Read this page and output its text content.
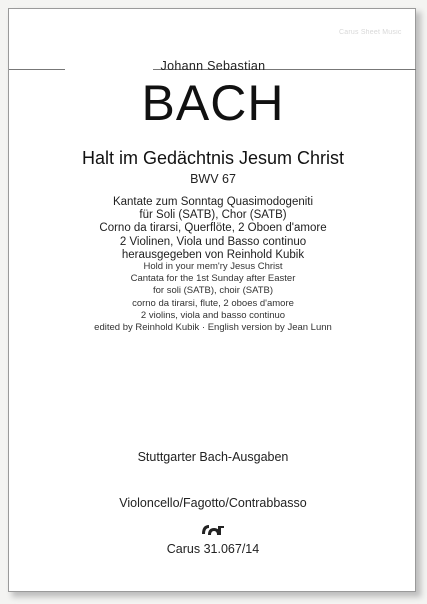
Carus Sheet Music
Johann Sebastian
BACH
Halt im Gedächtnis Jesum Christ
BWV 67
Kantate zum Sonntag Quasimodogeniti
für Soli (SATB), Chor (SATB)
Corno da tirarsi, Querflöte, 2 Oboen d'amore
2 Violinen, Viola und Basso continuo
herausgegeben von Reinhold Kubik
Hold in your mem'ry Jesus Christ
Cantata for the 1st Sunday after Easter
for soli (SATB), choir (SATB)
corno da tirarsi, flute, 2 oboes d'amore
2 violins, viola and basso continuo
edited by Reinhold Kubik · English version by Jean Lunn
Stuttgarter Bach-Ausgaben
Violoncello/Fagotto/Contrabbasso
Carus 31.067/14
